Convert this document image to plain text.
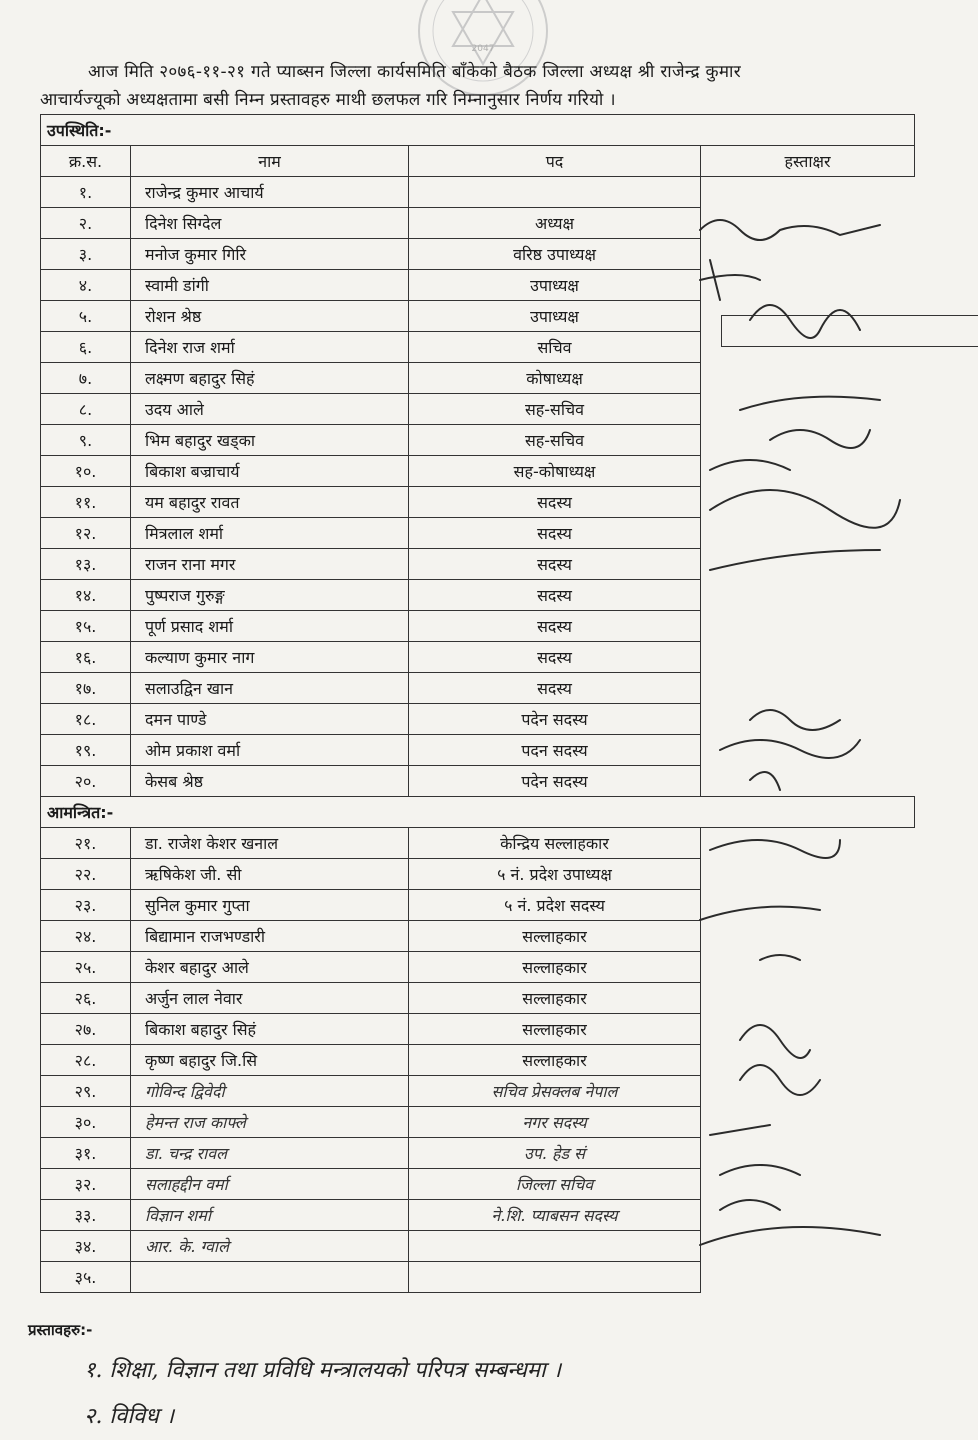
2047
आज मिति २०७६-११-२१ गते प्याब्सन जिल्ला कार्यसमिति बाँकेको बैठक जिल्ला अध्यक्ष श्री राजेन्द्र कुमार
आचार्यज्यूको अध्यक्षतामा बसी निम्न प्रस्तावहरु माथी छलफल गरि निम्नानुसार निर्णय गरियो ।
उपस्थिति:-			
क्र.स.	नाम	पद	हस्ताक्षर
१.	राजेन्द्र कुमार आचार्य		

२.	दिनेश सिग्देल	अध्यक्ष	

३.	मनोज कुमार गिरि	वरिष्ठ उपाध्यक्ष	

४.	स्वामी डांगी	उपाध्यक्ष	

५.	रोशन श्रेष्ठ	उपाध्यक्ष	

६.	दिनेश राज शर्मा	सचिव	

७.	लक्ष्मण बहादुर सिहं	कोषाध्यक्ष	

८.	उदय आले	सह-सचिव	

९.	भिम बहादुर खड्का	सह-सचिव	

१०.	बिकाश बज्राचार्य	सह-कोषाध्यक्ष	

११.	यम बहादुर रावत	सदस्य	

१२.	मित्रलाल शर्मा	सदस्य	

१३.	राजन राना मगर	सदस्य	

१४.	पुष्पराज गुरुङ्ग	सदस्य	

१५.	पूर्ण प्रसाद शर्मा	सदस्य	

१६.	कल्याण कुमार नाग	सदस्य	

१७.	सलाउद्विन खान	सदस्य	

१८.	दमन पाण्डे	पदेन सदस्य	

१९.	ओम प्रकाश वर्मा	पदन सदस्य	

२०.	केसब श्रेष्ठ	पदेन सदस्य	

आमन्त्रित:-			
२१.	डा. राजेश केशर खनाल	केन्द्रिय सल्लाहकार	

२२.	ऋषिकेश जी. सी	५ नं. प्रदेश उपाध्यक्ष	

२३.	सुनिल कुमार गुप्ता	५ नं. प्रदेश सदस्य	

२४.	बिद्यामान राजभण्डारी	सल्लाहकार	

२५.	केशर बहादुर आले	सल्लाहकार	

२६.	अर्जुन लाल नेवार	सल्लाहकार	

२७.	बिकाश बहादुर सिहं	सल्लाहकार	

२८.	कृष्ण बहादुर जि.सि	सल्लाहकार	

२९.	गोविन्द द्विवेदी	सचिव प्रेसक्लब नेपाल	

३०.	हेमन्त राज काफ्ले	नगर सदस्य	

३१.	डा. चन्द्र रावल	उप. हेड सं	

३२.	सलाहद्दीन वर्मा	जिल्ला सचिव	

३३.	विज्ञान शर्मा	ने.शि. प्याबसन सदस्य	

३४.	आर. के. ग्वाले		

३५.			
प्रस्तावहरु:-
१. शिक्षा, विज्ञान तथा प्रविधि मन्त्रालयको परिपत्र सम्बन्धमा ।
२. विविध ।
